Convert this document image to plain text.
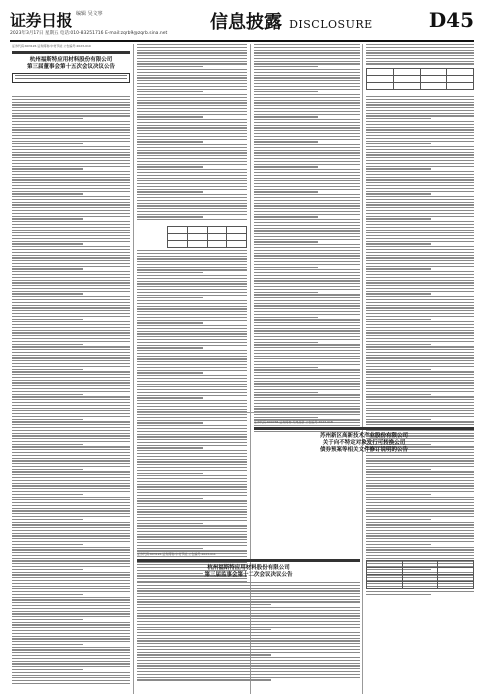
证券日报 编辑 吴文寧
2023年3月17日 星期五 电话:010-83251716 E-mail:zqrb9@zqrb.sina.net
信息披露 DISCLOSURE	D45
证券代码:603126 证券简称:中材节能 公告编号:2023-010
杭州福斯特应用材料股份有限公司
第三届董事会第十五次会议决议公告

证券代码:603126 证券简称:中材节能 公告编号:2023-011
杭州福斯特应用材料股份有限公司
第三届监事会第十二次会议决议公告
证券代码:600736 证券简称:苏州高新 公告编号:2023-018
苏州新区高新技术产业股份有限公司
关于向不特定对象发行可转换公司
债券预案等相关文件修订说明的公告
